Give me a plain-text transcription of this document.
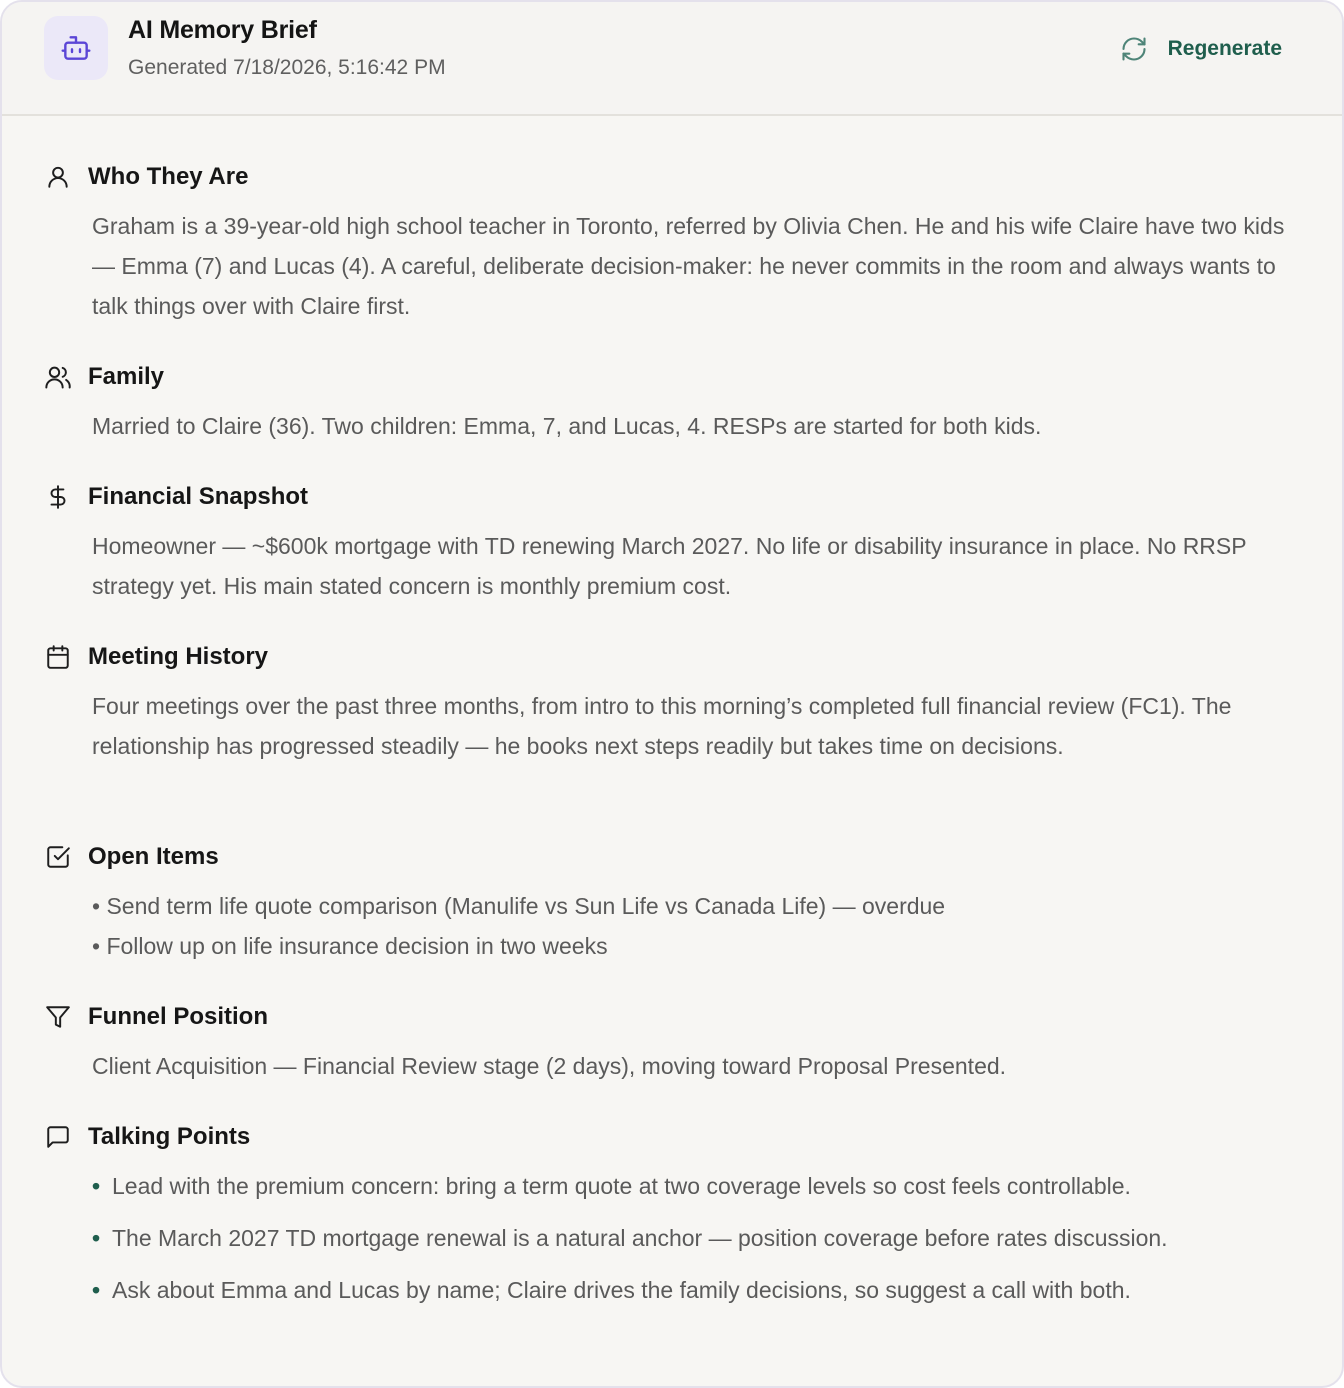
AI Memory Brief
Generated 7/18/2026, 5:16:42 PM
Regenerate
Who They Are
Graham is a 39-year-old high school teacher in Toronto, referred by Olivia Chen. He and his wife Claire have two kids — Emma (7) and Lucas (4). A careful, deliberate decision-maker: he never commits in the room and always wants to talk things over with Claire first.
Family
Married to Claire (36). Two children: Emma, 7, and Lucas, 4. RESPs are started for both kids.
Financial Snapshot
Homeowner — ~$600k mortgage with TD renewing March 2027. No life or disability insurance in place. No RRSP strategy yet. His main stated concern is monthly premium cost.
Meeting History
Four meetings over the past three months, from intro to this morning’s completed full financial review (FC1). The relationship has progressed steadily — he books next steps readily but takes time on decisions.
Open Items
• Send term life quote comparison (Manulife vs Sun Life vs Canada Life) — overdue
• Follow up on life insurance decision in two weeks
Funnel Position
Client Acquisition — Financial Review stage (2 days), moving toward Proposal Presented.
Talking Points
• Lead with the premium concern: bring a term quote at two coverage levels so cost feels controllable.
• The March 2027 TD mortgage renewal is a natural anchor — position coverage before rates discussion.
• Ask about Emma and Lucas by name; Claire drives the family decisions, so suggest a call with both.
